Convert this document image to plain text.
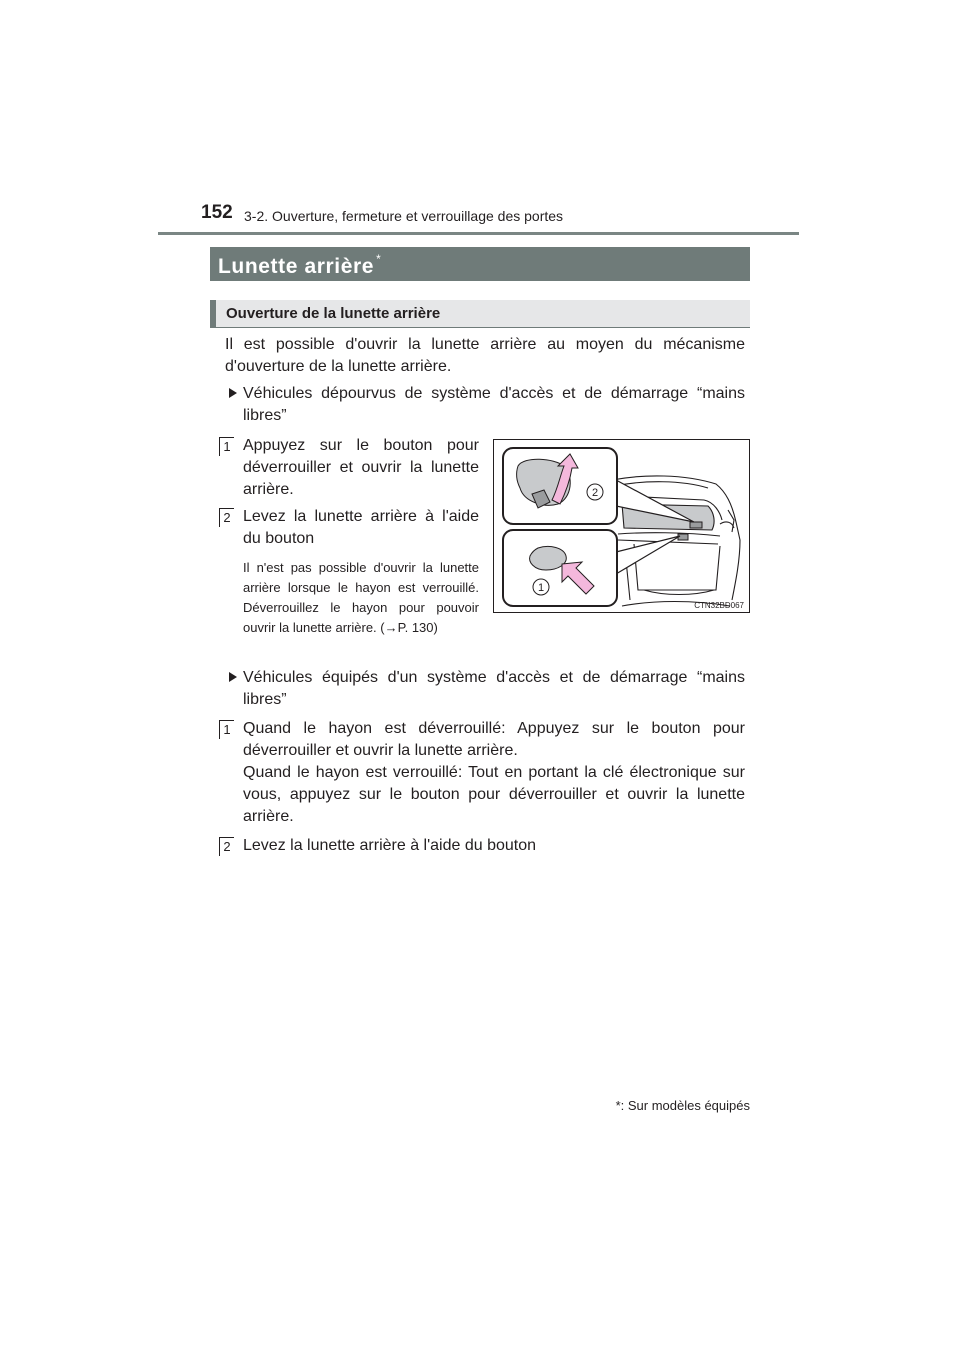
152 3-2. Ouverture, fermeture et verrouillage des portes
Lunette arrière *
Ouverture de la lunette arrière
Il est possible d'ouvrir la lunette arrière au moyen du mécanisme d'ouverture de la lunette arrière.
Véhicules dépourvus de système d'accès et de démarrage “mains libres”
1 Appuyez sur le bouton pour déverrouiller et ouvrir la lunette arrière.
2 Levez la lunette arrière à l'aide du bouton
Il n'est pas possible d'ouvrir la lunette arrière lorsque le hayon est verrouillé. Déverrouillez le hayon pour pouvoir ouvrir la lunette arrière. (→P. 130)
2
1
CTN32BD067
Véhicules équipés d'un système d'accès et de démarrage “mains libres”
1 Quand le hayon est déverrouillé: Appuyez sur le bouton pour déverrouiller et ouvrir la lunette arrière.
Quand le hayon est verrouillé: Tout en portant la clé électronique sur vous, appuyez sur le bouton pour déverrouiller et ouvrir la lunette arrière.
2 Levez la lunette arrière à l'aide du bouton
*: Sur modèles équipés
